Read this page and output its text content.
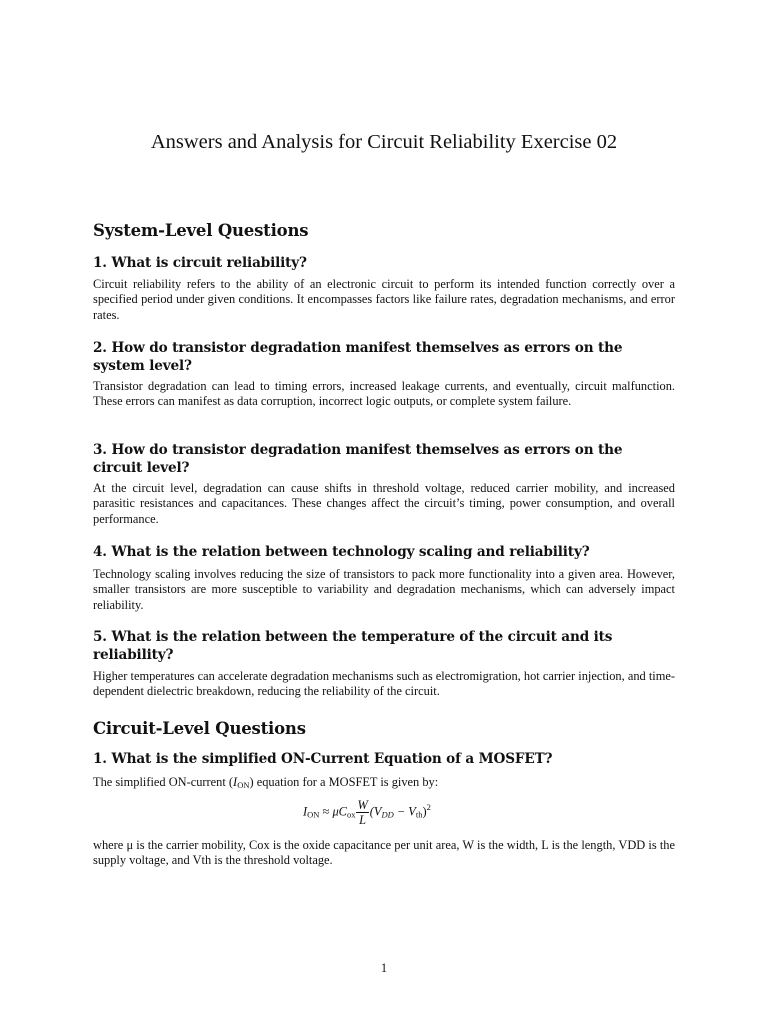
Answers and Analysis for Circuit Reliability Exercise 02
System-Level Questions
1. What is circuit reliability?

Circuit reliability refers to the ability of an electronic circuit to perform its intended function correctly over a specified period under given conditions. It encompasses factors like failure rates, degradation mechanisms, and error rates.

2. How do transistor degradation manifest themselves as errors on the system level?

Transistor degradation can lead to timing errors, increased leakage currents, and eventually, circuit malfunction. These errors can manifest as data corruption, incorrect logic outputs, or complete system failure.

3. How do transistor degradation manifest themselves as errors on the circuit level?

At the circuit level, degradation can cause shifts in threshold voltage, reduced carrier mobility, and increased parasitic resistances and capacitances. These changes affect the circuit’s timing, power consumption, and overall performance.

4. What is the relation between technology scaling and reliability?

Technology scaling involves reducing the size of transistors to pack more functionality into a given area. However, smaller transistors are more susceptible to variability and degradation mechanisms, which can adversely impact reliability.

5. What is the relation between the temperature of the circuit and its reliability?

Higher temperatures can accelerate degradation mechanisms such as electromigration, hot carrier injection, and time-dependent dielectric breakdown, reducing the reliability of the circuit.

Circuit-Level Questions
1. What is the simplified ON-Current Equation of a MOSFET?

The simplified ON-current $(I_{ON})$ equation for a MOSFET is given by:

$I_{ON} \approx \mu C_{ox} \frac{W}{L} (V_{DD} - V_{th})^2$

where μ is the carrier mobility, Cox is the oxide capacitance per unit area, W is the width, L is the length, VDD is the supply voltage, and Vth is the threshold voltage.

1
